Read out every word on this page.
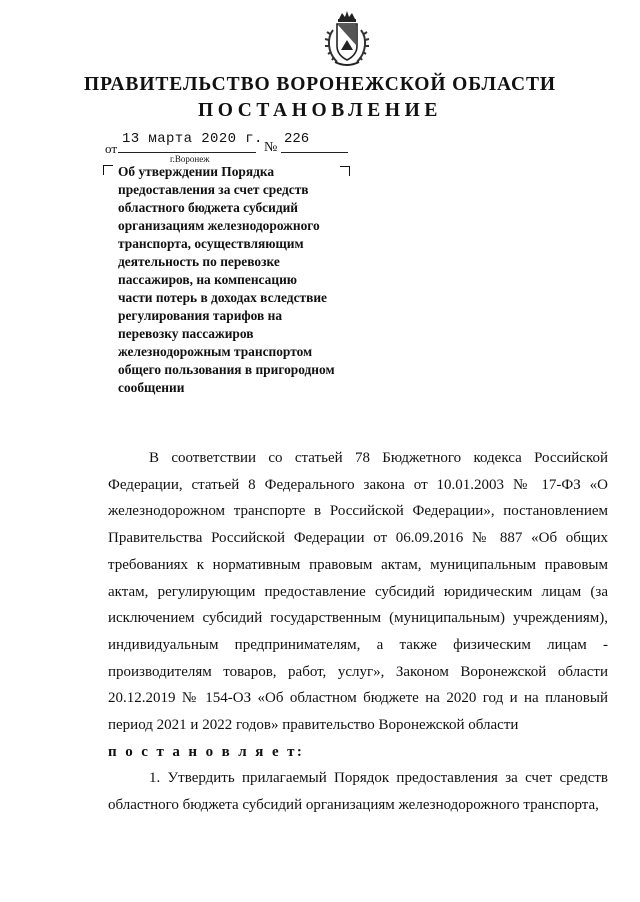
ПРАВИТЕЛЬСТВО ВОРОНЕЖСКОЙ ОБЛАСТИ
ПОСТАНОВЛЕНИЕ
от
13 марта 2020 г.
№
226
г.Воронеж

Об утверждении Порядка
предоставления за счет средств
областного бюджета субсидий
организациям железнодорожного
транспорта, осуществляющим
деятельность по перевозке
пассажиров, на компенсацию
части потерь в доходах вследствие
регулирования тарифов на
перевозку пассажиров
железнодорожным транспортом
общего пользования в пригородном
сообщении

В соответствии со статьей 78 Бюджетного кодекса Российской Федерации, статьей 8 Федерального закона от 10.01.2003 № 17-ФЗ «О железнодорожном транспорте в Российской Федерации», постановлением Правительства Российской Федерации от 06.09.2016 № 887 «Об общих требованиях к нормативным правовым актам, муниципальным правовым актам, регулирующим предоставление субсидий юридическим лицам (за исключением субсидий государственным (муниципальным) учреждениям), индивидуальным предпринимателям, а также физическим лицам - производителям товаров, работ, услуг», Законом Воронежской области 20.12.2019 № 154-ОЗ «Об областном бюджете на 2020 год и на плановый период 2021 и 2022 годов» правительство Воронежской области

п о с т а н о в л я е т:

1. Утвердить прилагаемый Порядок предоставления за счет средств областного бюджета субсидий организациям железнодорожного транспорта,
